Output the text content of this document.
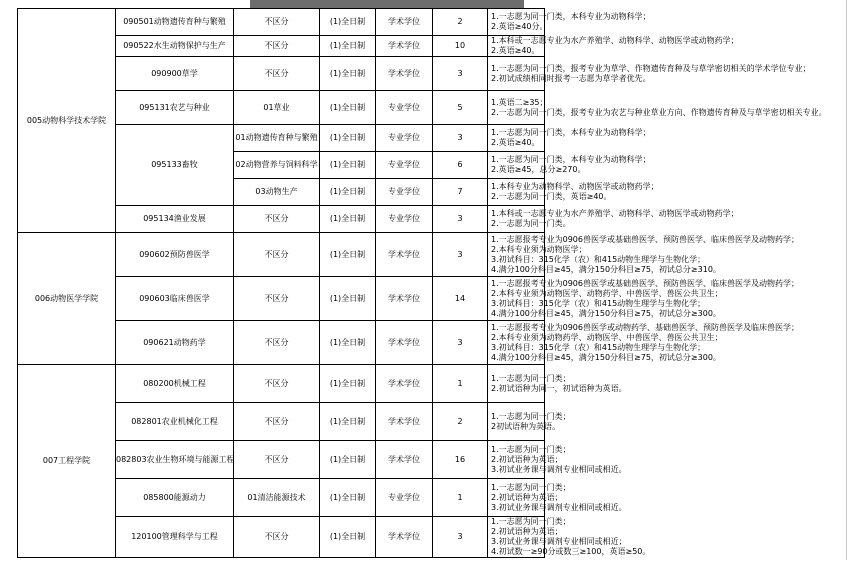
005动物科学技术学院	090501动物遗传育种与繁殖	不区分	(1)全日制	学术学位	2	1.一志愿为同一门类，本科专业为动物科学；
2.英语≥40分。

	090522水生动物保护与生产	不区分	(1)全日制	学术学位	10	1.本科或一志愿专业为水产养殖学、动物科学、动物医学或动物药学；
2.英语≥40。

	090900草学	不区分	(1)全日制	学术学位	3	1.一志愿为同一门类，报考专业为草学、作物遗传育种及与草学密切相关的学术学位专业；
2.初试成绩相同时报考一志愿为草学者优先。

	095131农艺与种业	01草业	(1)全日制	专业学位	5	1.英语二≥35；
2.一志愿为同一门类，报考专业为农艺与种业草业方向、作物遗传育种及与草学密切相关专业。

	095133畜牧	01动物遗传育种与繁殖	(1)全日制	专业学位	3	1.一志愿为同一门类，本科专业为动物科学；
2.英语≥40。

		02动物营养与饲料科学	(1)全日制	专业学位	6	1.一志愿为同一门类，本科专业为动物科学；
2.英语≥45，总分≥270。

		03动物生产	(1)全日制	专业学位	7	1.本科专业为动物科学、动物医学或动物药学；
2.一志愿为同一门类，英语≥40。

	095134渔业发展	不区分	(1)全日制	专业学位	3	1.本科或一志愿专业为水产养殖学、动物科学、动物医学或动物药学；
2.一志愿为同一门类。

006动物医学学院	090602预防兽医学	不区分	(1)全日制	学术学位	3	1.一志愿报考专业为0906兽医学或基础兽医学、预防兽医学、临床兽医学及动物药学；
2.本科专业须为动物医学；
3.初试科目：315化学（农）和415动物生理学与生物化学；
4.满分100分科目≥45，满分150分科目≥75，初试总分≥310。

	090603临床兽医学	不区分	(1)全日制	学术学位	14	1.一志愿报考专业为0906兽医学或基础兽医学、预防兽医学、临床兽医学及动物药学；
2.本科专业须为动物医学、动物药学、中兽医学、兽医公共卫生；
3.初试科目：315化学（农）和415动物生理学与生物化学；
4.满分100分科目≥45，满分150分科目≥75，初试总分≥300。

	090621动物药学	不区分	(1)全日制	学术学位	3	1.一志愿报考专业为0906兽医学或动物药学、基础兽医学、预防兽医学及临床兽医学；
2.本科专业须为动物药学、动物医学、中兽医学、兽医公共卫生；
3.初试科目：315化学（农）和415动物生理学与生物化学；
4.满分100分科目≥45，满分150分科目≥75，初试总分≥300。

007工程学院	080200机械工程	不区分	(1)全日制	学术学位	1	1.一志愿为同一门类；
2.初试语种为同一，初试语种为英语。

	082801农业机械化工程	不区分	(1)全日制	学术学位	2	1.一志愿为同一门类；
2初试语种为英语。

	082803农业生物环境与能源工程	不区分	(1)全日制	学术学位	16	1.一志愿为同一门类；
2.初试语种为英语；
3.初试业务课与调剂专业相同或相近。

	085800能源动力	01清洁能源技术	(1)全日制	专业学位	1	1.一志愿为同一门类；
2.初试语种为英语；
3.初试业务课与调剂专业相同或相近。

	120100管理科学与工程	不区分	(1)全日制	学术学位	3	1.一志愿为同一门类；
2.初试语种为英语；
3.初试业务课与调剂专业相同或相近；
4.初试数一≥90分或数三≥100，英语≥50。
